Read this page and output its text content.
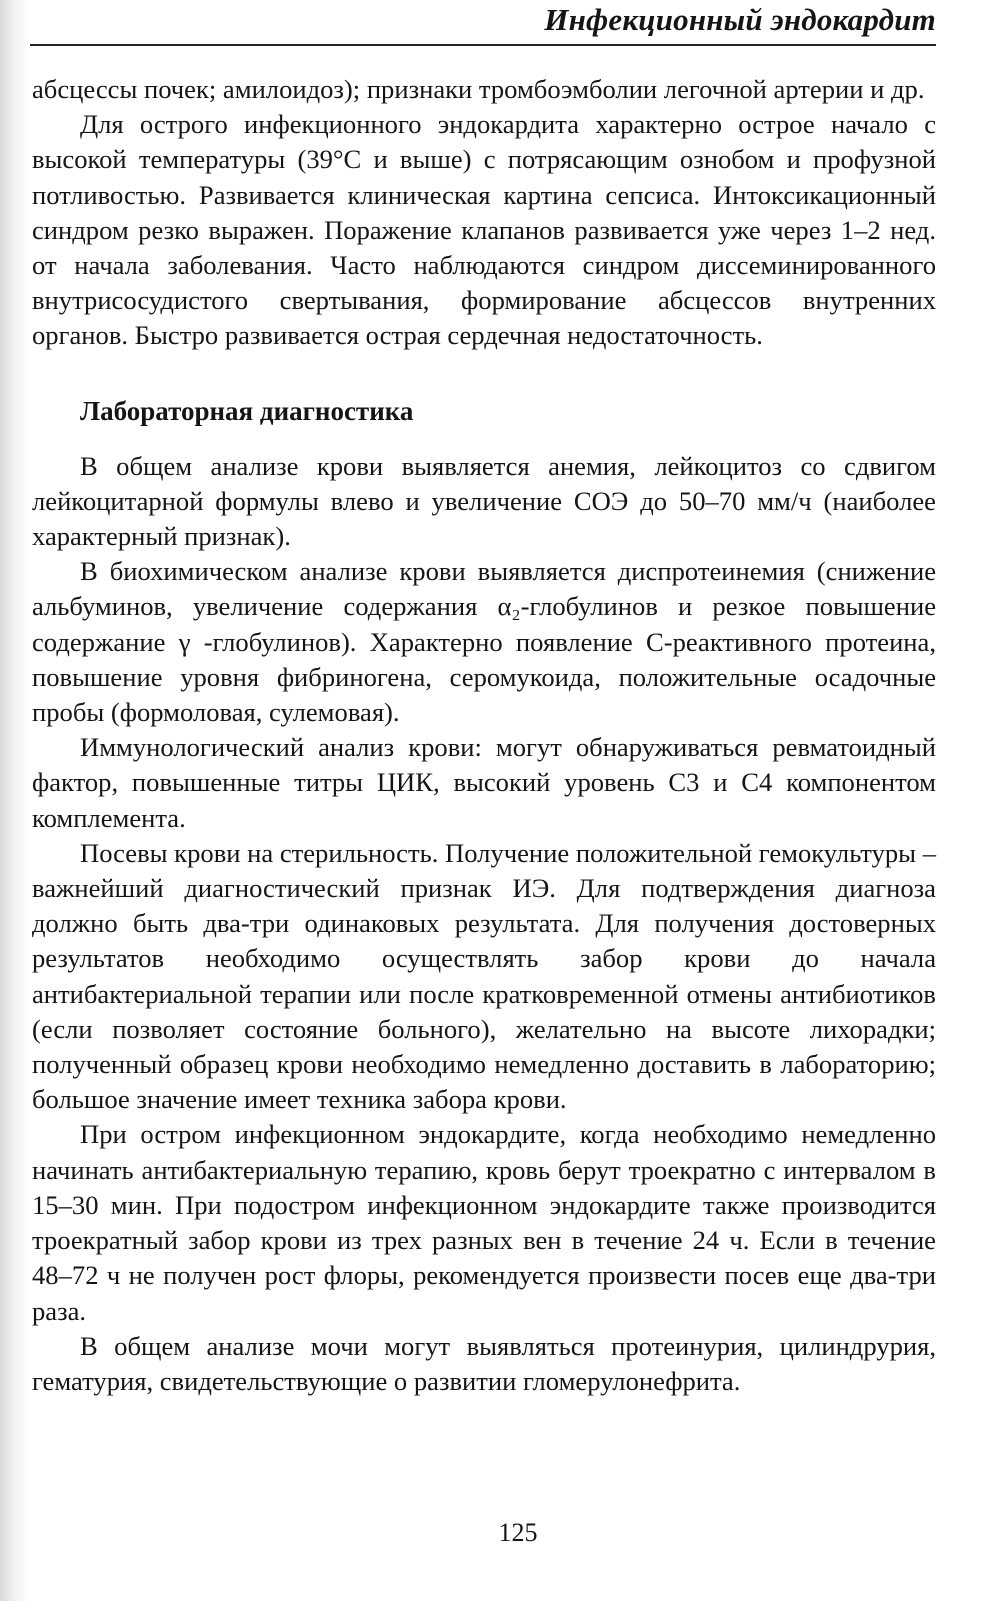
Инфекционный эндокардит

абсцессы почек; амилоидоз); признаки тромбоэмболии легочной артерии и др.

Для острого инфекционного эндокардита характерно острое начало с высокой температуры (39°С и выше) с потрясающим ознобом и профузной потливостью. Развивается клиническая картина сепсиса. Интоксикационный синдром резко выражен. Поражение клапанов развивается уже через 1–2 нед. от начала заболевания. Часто наблюдаются синдром диссеминированного внутрисосудистого свертывания, формирование абсцессов внутренних органов. Быстро развивается острая сердечная недостаточность.

Лабораторная диагностика

В общем анализе крови выявляется анемия, лейкоцитоз со сдвигом лейкоцитарной формулы влево и увеличение СОЭ до 50–70 мм/ч (наиболее характерный признак).

В биохимическом анализе крови выявляется диспротеинемия (снижение альбуминов, увеличение содержания α₂-глобулинов и резкое повышение содержание γ -глобулинов). Характерно появление С-реактивного протеина, повышение уровня фибриногена, серомукоида, положительные осадочные пробы (формоловая, сулемовая).

Иммунологический анализ крови: могут обнаруживаться ревматоидный фактор, повышенные титры ЦИК, высокий уровень С3 и С4 компонентом комплемента.

Посевы крови на стерильность. Получение положительной гемокультуры – важнейший диагностический признак ИЭ. Для подтверждения диагноза должно быть два-три одинаковых результата. Для получения достоверных результатов необходимо осуществлять забор крови до начала антибактериальной терапии или после кратковременной отмены антибиотиков (если позволяет состояние больного), желательно на высоте лихорадки; полученный образец крови необходимо немедленно доставить в лабораторию; большое значение имеет техника забора крови.

При остром инфекционном эндокардите, когда необходимо немедленно начинать антибактериальную терапию, кровь берут троекратно с интервалом в 15–30 мин. При подостром инфекционном эндокардите также производится троекратный забор крови из трех разных вен в течение 24 ч. Если в течение 48–72 ч не получен рост флоры, рекомендуется произвести посев еще два-три раза.

В общем анализе мочи могут выявляться протеинурия, цилиндрурия, гематурия, свидетельствующие о развитии гломерулонефрита.

125
